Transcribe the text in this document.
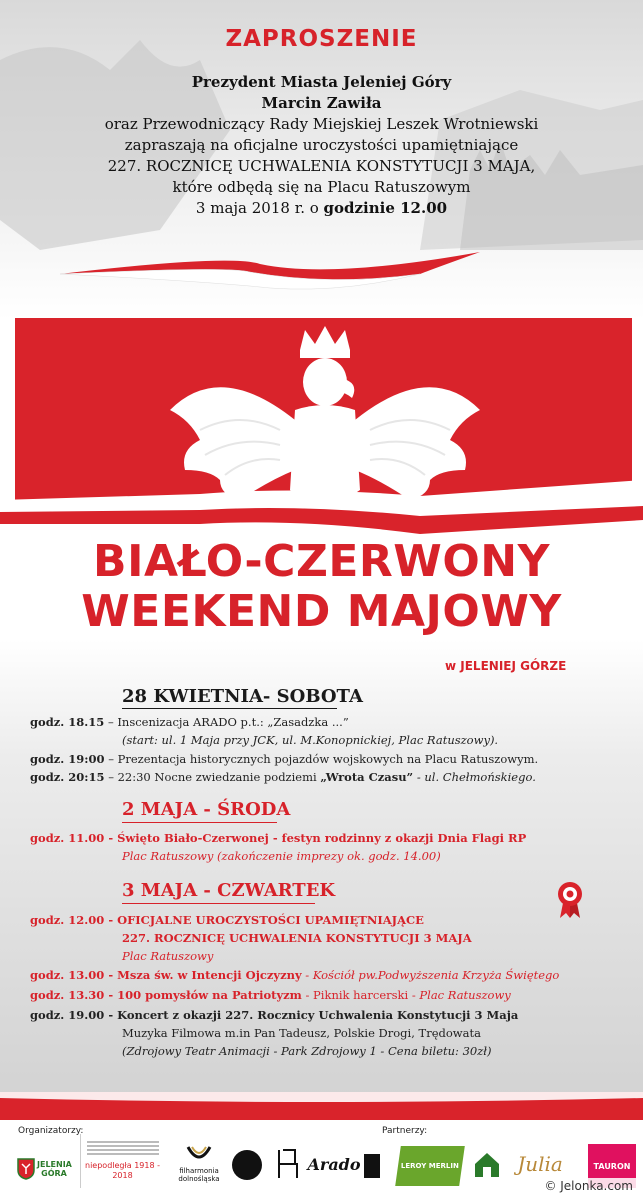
ZAPROSZENIE
Prezydent Miasta Jeleniej Góry
Marcin Zawiła
oraz Przewodniczący Rady Miejskiej Leszek Wrotniewski
zapraszają na oficjalne uroczystości upamiętniające
227. ROCZNICĘ UCHWALENIA KONSTYTUCJI 3 MAJA,
które odbędą się na Placu Ratuszowym
3 maja 2018 r. o godzinie 12.00
BIAŁO-CZERWONY
WEEKEND MAJOWY
w JELENIEJ GÓRZE
28 KWIETNIA- SOBOTA
godz. 18.15 – Inscenizacja ARADO p.t.: „Zasadzka ...”
(start: ul. 1 Maja przy JCK, ul. M.Konopnickiej, Plac Ratuszowy).
godz. 19:00 – Prezentacja historycznych pojazdów wojskowych na Placu Ratuszowym.
godz. 20:15 – 22:30 Nocne zwiedzanie podziemi „Wrota Czasu” - ul. Chełmońskiego.
2 MAJA - ŚRODA
godz. 11.00 - Święto Biało-Czerwonej - festyn rodzinny z okazji Dnia Flagi RP
Plac Ratuszowy (zakończenie imprezy ok. godz. 14.00)
3 MAJA - CZWARTEK
godz. 12.00 - OFICJALNE UROCZYSTOŚCI UPAMIĘTNIAJĄCE
227. ROCZNICĘ UCHWALENIA KONSTYTUCJI 3 MAJA
Plac Ratuszowy
godz. 13.00 - Msza św. w Intencji Ojczyzny - Kościół pw.Podwyższenia Krzyża Świętego
godz. 13.30 - 100 pomysłów na Patriotyzm - Piknik harcerski - Plac Ratuszowy
godz. 19.00 - Koncert z okazji 227. Rocznicy Uchwalenia Konstytucji 3 Maja
Muzyka Filmowa m.in Pan Tadeusz, Polskie Drogi, Trędowata
(Zdrojowy Teatr Animacji - Park Zdrojowy 1 - Cena biletu: 30zł)
Organizatorzy:	Partnerzy:
JELENIA GÓRA
niepodległa 1918 - 2018	filharmonia dolnośląska
Arado	LEROY MERLIN	Julia	TAURON
© Jelonka.com
